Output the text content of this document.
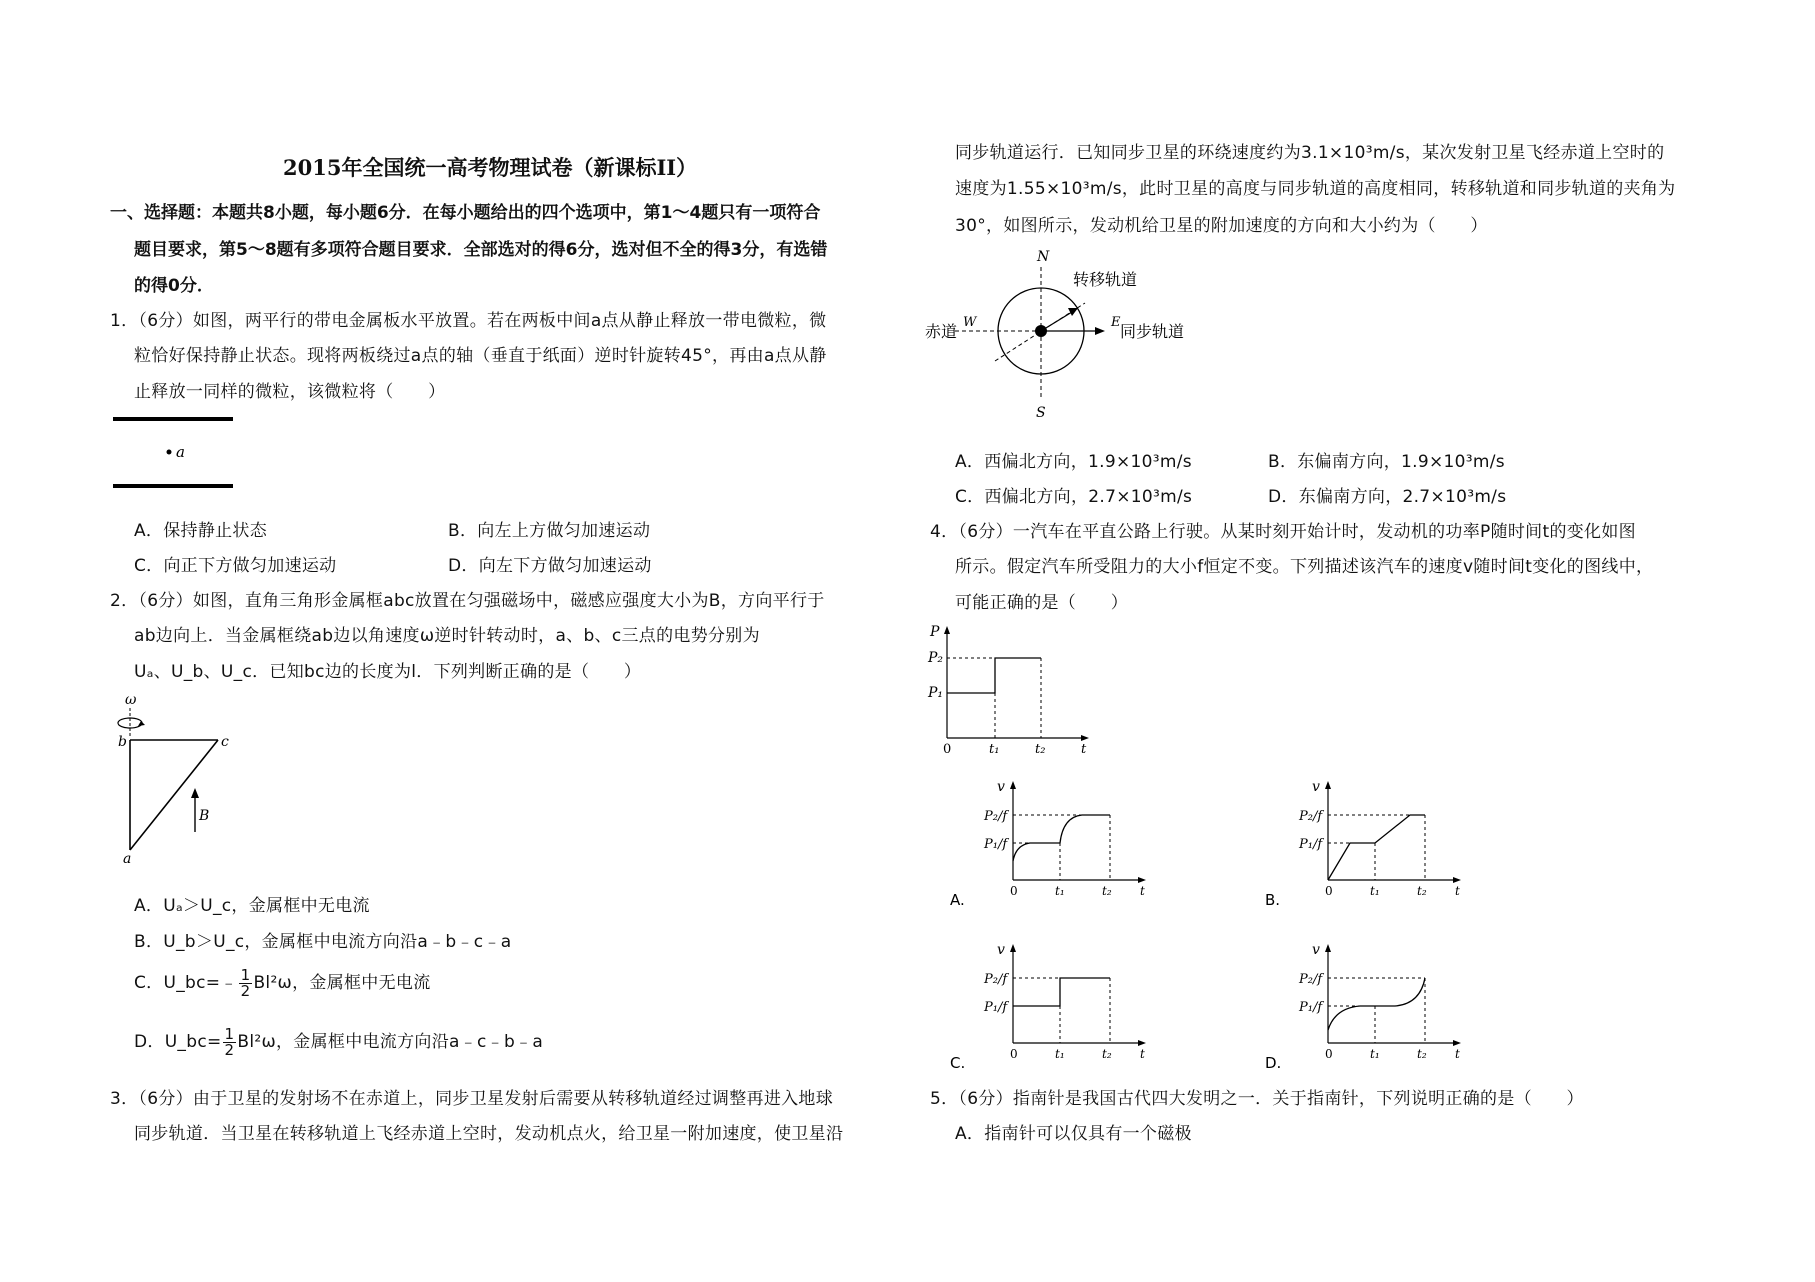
2015年全国统一高考物理试卷（新课标II）
一、选择题：本题共8小题，每小题6分．在每小题给出的四个选项中，第1～4题只有一项符合
题目要求，第5～8题有多项符合题目要求．全部选对的得6分，选对但不全的得3分，有选错
的得0分．
1．（6分）如图，两平行的带电金属板水平放置。若在两板中间a点从静止释放一带电微粒，微
粒恰好保持静止状态。现将两板绕过a点的轴（垂直于纸面）逆时针旋转45°，再由a点从静
止释放一同样的微粒，该微粒将（　　）
a
A．保持静止状态	B．向左上方做匀加速运动
C．向正下方做匀加速运动	D．向左下方做匀加速运动
2．（6分）如图，直角三角形金属框abc放置在匀强磁场中，磁感应强度大小为B，方向平行于
ab边向上．当金属框绕ab边以角速度ω逆时针转动时，a、b、c三点的电势分别为
Uₐ、U_b、U_c．已知bc边的长度为l．下列判断正确的是（　　）
ω
b	c
a
B
A．Uₐ＞U_c，金属框中无电流
B．U_b＞U_c，金属框中电流方向沿a﹣b﹣c﹣a
C．U_bc=﹣ $\frac{1}{2} Bl^2\omega$，金属框中无电流
D．U_bc= $\frac{1}{2} Bl^2\omega$，金属框中电流方向沿a﹣c﹣b﹣a
3．（6分）由于卫星的发射场不在赤道上，同步卫星发射后需要从转移轨道经过调整再进入地球
同步轨道．当卫星在转移轨道上飞经赤道上空时，发动机点火，给卫星一附加速度，使卫星沿
同步轨道运行．已知同步卫星的环绕速度约为3.1×10³m/s，某次发射卫星飞经赤道上空时的
速度为1.55×10³m/s，此时卫星的高度与同步轨道的高度相同，转移轨道和同步轨道的夹角为
30°，如图所示，发动机给卫星的附加速度的方向和大小约为（　　）
N
S
W	E
转移轨道
同步轨道
赤道
A．西偏北方向，1.9×10³m/s	B．东偏南方向，1.9×10³m/s
C．西偏北方向，2.7×10³m/s	D．东偏南方向，2.7×10³m/s
4．（6分）一汽车在平直公路上行驶。从某时刻开始计时，发动机的功率P随时间t的变化如图
所示。假定汽车所受阻力的大小f恒定不变。下列描述该汽车的速度v随时间t变化的图线中，
可能正确的是（　　）
P
P₂
P₁
0	t₁	t₂	t
A.
v
P₂/f
P₁/f
0	t₁	t₂ t	B.
v
P₂/f
P₁/f
0	t₁	t₂ t
C.
v
P₂/f
P₁/f
0	t₁	t₂ t	D.
v
P₂/f
P₁/f
0	t₁	t₂ t
5．（6分）指南针是我国古代四大发明之一．关于指南针，下列说明正确的是（　　）
A．指南针可以仅具有一个磁极
